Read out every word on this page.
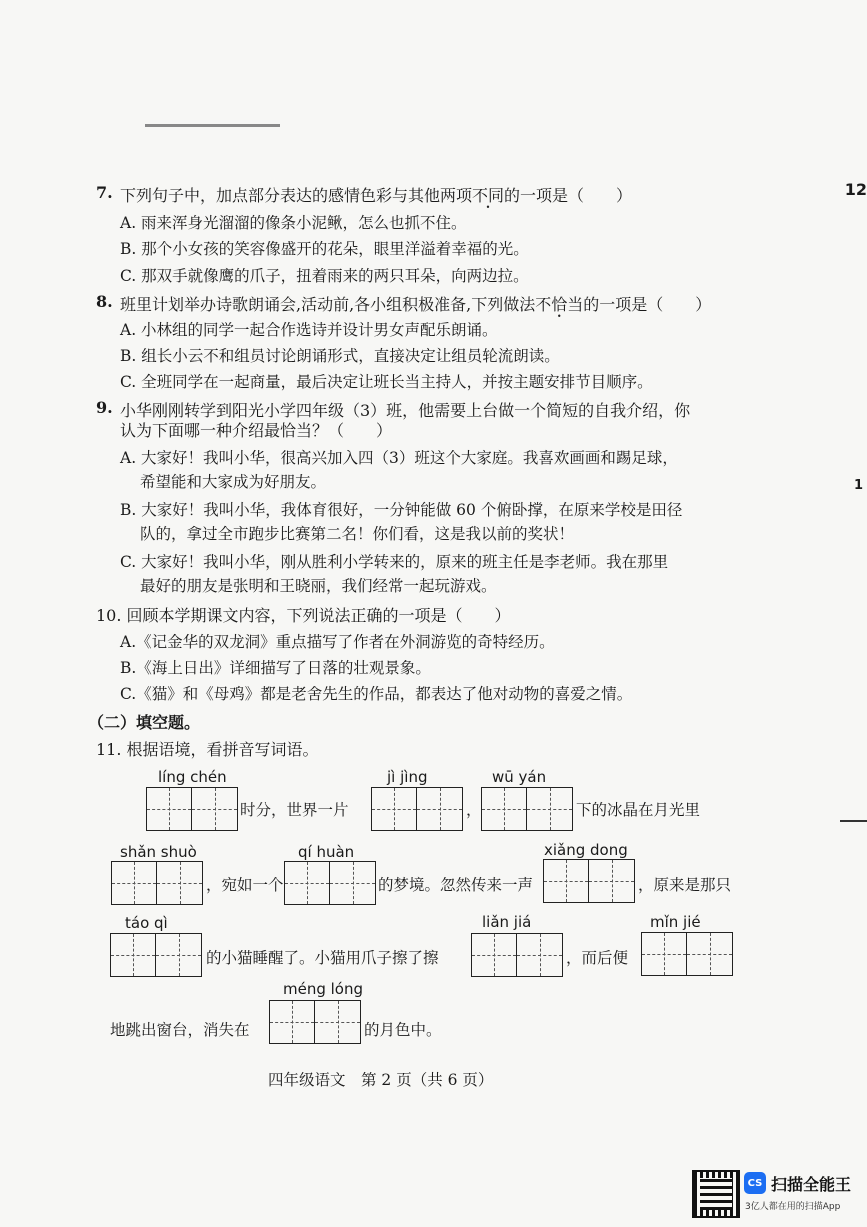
12
1
7. 下列句子中，加点部分表达的感情色彩与其他两项不同的一项是（　　）
A. 雨来浑身光溜溜的像条小泥鳅，怎么也抓不住。
B. 那个小女孩的笑容像盛开的花朵，眼里洋溢着幸福的光。
C. 那双手就像鹰的爪子，扭着雨来的两只耳朵，向两边拉。
8. 班里计划举办诗歌朗诵会,活动前,各小组积极准备,下列做法不恰当的一项是（　　）
A. 小林组的同学一起合作选诗并设计男女声配乐朗诵。
B. 组长小云不和组员讨论朗诵形式，直接决定让组员轮流朗读。
C. 全班同学在一起商量，最后决定让班长当主持人，并按主题安排节目顺序。
9. 小华刚刚转学到阳光小学四年级（3）班，他需要上台做一个简短的自我介绍，你
认为下面哪一种介绍最恰当？（　　）
A. 大家好！我叫小华，很高兴加入四（3）班这个大家庭。我喜欢画画和踢足球，
希望能和大家成为好朋友。
B. 大家好！我叫小华，我体育很好，一分钟能做 60 个俯卧撑，在原来学校是田径
队的，拿过全市跑步比赛第二名！你们看，这是我以前的奖状！
C. 大家好！我叫小华，刚从胜利小学转来的，原来的班主任是李老师。我在那里
最好的朋友是张明和王晓丽，我们经常一起玩游戏。
10. 回顾本学期课文内容，下列说法正确的一项是（　　）
A.《记金华的双龙洞》重点描写了作者在外洞游览的奇特经历。
B.《海上日出》详细描写了日落的壮观景象。
C.《猫》和《母鸡》都是老舍先生的作品，都表达了他对动物的喜爱之情。
（二）填空题。
11. 根据语境，看拼音写词语。
líng chén	jì jìng	wū yán
时分，世界一片	，	下的冰晶在月光里
shǎn shuò	qí huàn	xiǎng dong
，宛如一个	的梦境。忽然传来一声	，原来是那只
táo qì	liǎn jiá	mǐn jié
的小猫睡醒了。小猫用爪子擦了擦	，而后便
méng lóng
地跳出窗台，消失在	的月色中。
四年级语文　第 2 页（共 6 页）
CS 扫描全能王
3亿人都在用的扫描App
